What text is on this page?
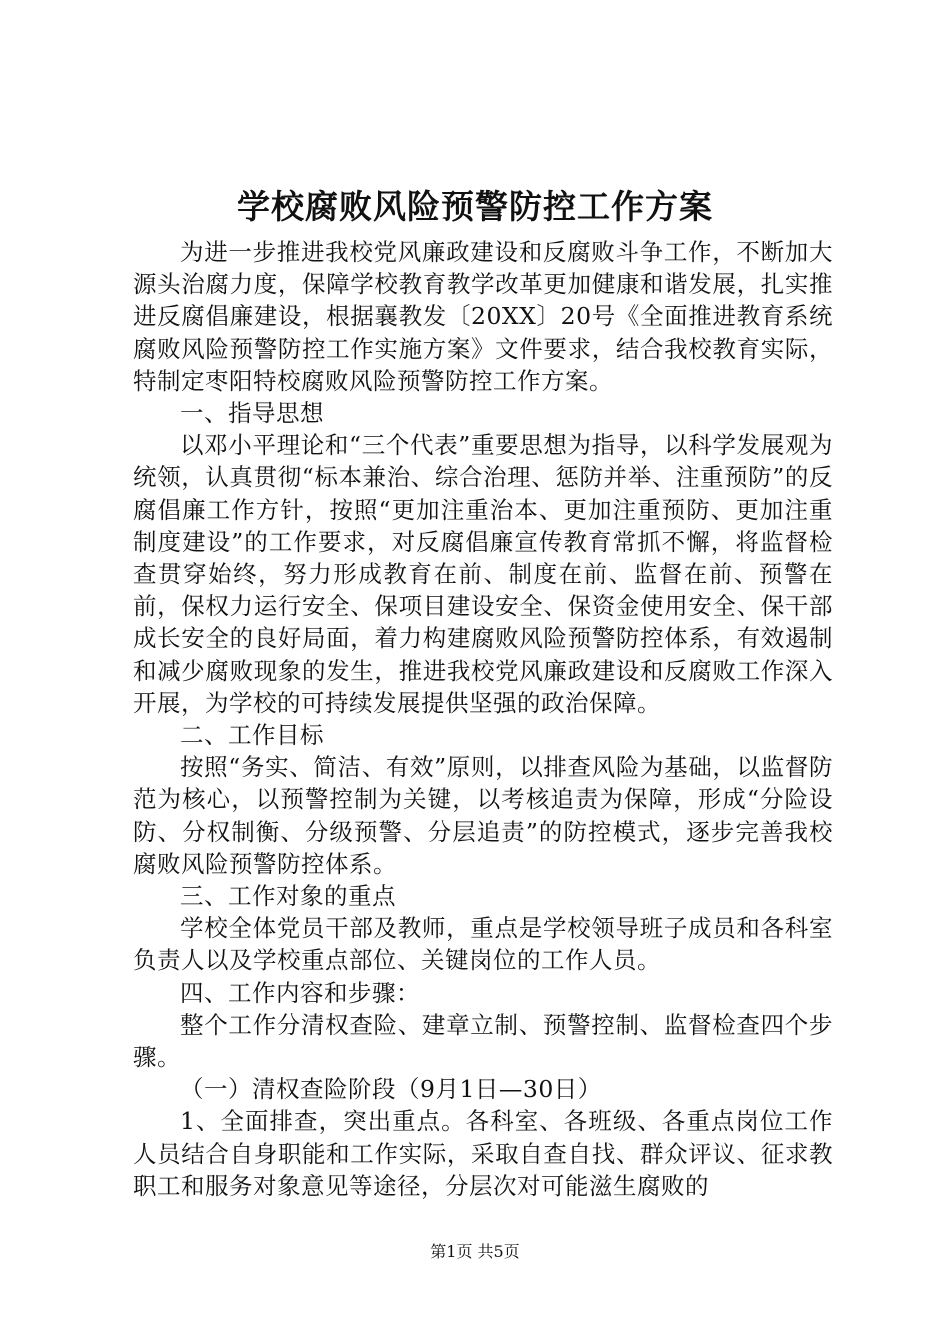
学校腐败风险预警防控工作方案

为进一步推进我校党风廉政建设和反腐败斗争工作，不断加大源头治腐力度，保障学校教育教学改革更加健康和谐发展，扎实推进反腐倡廉建设，根据襄教发〔20XX〕20号《全面推进教育系统腐败风险预警防控工作实施方案》文件要求，结合我校教育实际，特制定枣阳特校腐败风险预警防控工作方案。

一、指导思想

以邓小平理论和“三个代表”重要思想为指导，以科学发展观为统领，认真贯彻“标本兼治、综合治理、惩防并举、注重预防”的反腐倡廉工作方针，按照“更加注重治本、更加注重预防、更加注重制度建设”的工作要求，对反腐倡廉宣传教育常抓不懈，将监督检查贯穿始终，努力形成教育在前、制度在前、监督在前、预警在前，保权力运行安全、保项目建设安全、保资金使用安全、保干部成长安全的良好局面，着力构建腐败风险预警防控体系，有效遏制和减少腐败现象的发生，推进我校党风廉政建设和反腐败工作深入开展，为学校的可持续发展提供坚强的政治保障。

二、工作目标

按照“务实、简洁、有效”原则，以排查风险为基础，以监督防范为核心，以预警控制为关键，以考核追责为保障，形成“分险设防、分权制衡、分级预警、分层追责”的防控模式，逐步完善我校腐败风险预警防控体系。

三、工作对象的重点

学校全体党员干部及教师，重点是学校领导班子成员和各科室负责人以及学校重点部位、关键岗位的工作人员。

四、工作内容和步骤：

整个工作分清权查险、建章立制、预警控制、监督检查四个步骤。

（一）清权查险阶段（9月1日—30日）

1、全面排查，突出重点。各科室、各班级、各重点岗位工作人员结合自身职能和工作实际，采取自查自找、群众评议、征求教职工和服务对象意见等途径，分层次对可能滋生腐败的

第1页 共5页
